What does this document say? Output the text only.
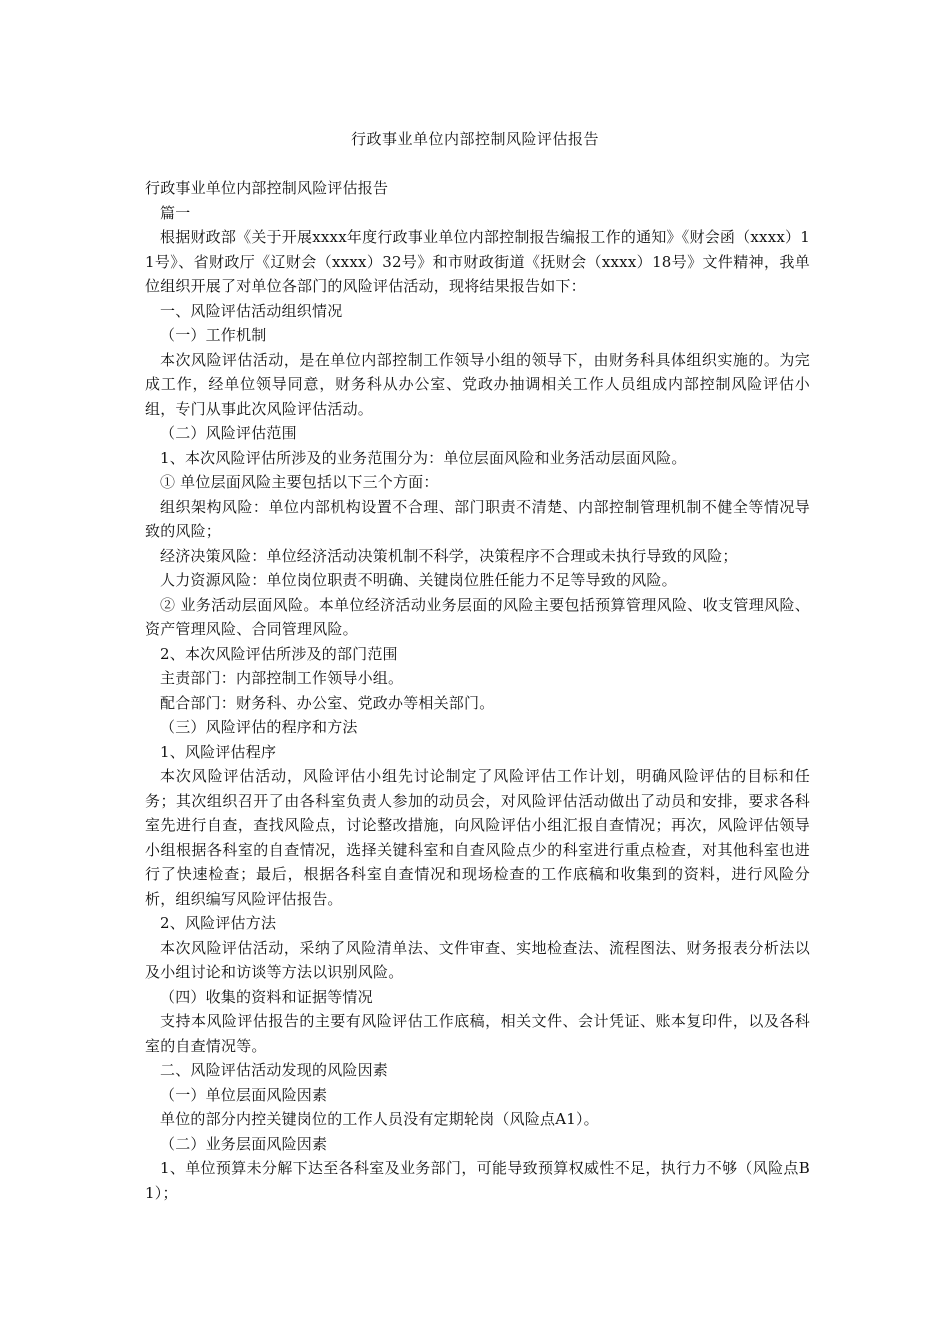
行政事业单位内部控制风险评估报告

行政事业单位内部控制风险评估报告

篇一

根据财政部《关于开展xxxx年度行政事业单位内部控制报告编报工作的通知》《财会函（xxxx）11号》、省财政厅《辽财会（xxxx）32号》和市财政街道《抚财会（xxxx）18号》文件精神，我单位组织开展了对单位各部门的风险评估活动，现将结果报告如下：

一、风险评估活动组织情况

（一）工作机制

本次风险评估活动，是在单位内部控制工作领导小组的领导下，由财务科具体组织实施的。为完成工作，经单位领导同意，财务科从办公室、党政办抽调相关工作人员组成内部控制风险评估小组，专门从事此次风险评估活动。

（二）风险评估范围

1、本次风险评估所涉及的业务范围分为：单位层面风险和业务活动层面风险。

① 单位层面风险主要包括以下三个方面：

组织架构风险：单位内部机构设置不合理、部门职责不清楚、内部控制管理机制不健全等情况导致的风险；

经济决策风险：单位经济活动决策机制不科学，决策程序不合理或未执行导致的风险；

人力资源风险：单位岗位职责不明确、关键岗位胜任能力不足等导致的风险。

② 业务活动层面风险。本单位经济活动业务层面的风险主要包括预算管理风险、收支管理风险、资产管理风险、合同管理风险。

2、本次风险评估所涉及的部门范围

主责部门：内部控制工作领导小组。

配合部门：财务科、办公室、党政办等相关部门。

（三）风险评估的程序和方法

1、风险评估程序

本次风险评估活动，风险评估小组先讨论制定了风险评估工作计划，明确风险评估的目标和任务；其次组织召开了由各科室负责人参加的动员会，对风险评估活动做出了动员和安排，要求各科室先进行自查，查找风险点，讨论整改措施，向风险评估小组汇报自查情况；再次，风险评估领导小组根据各科室的自查情况，选择关键科室和自查风险点少的科室进行重点检查，对其他科室也进行了快速检查；最后，根据各科室自查情况和现场检查的工作底稿和收集到的资料，进行风险分析，组织编写风险评估报告。

2、风险评估方法

本次风险评估活动，采纳了风险清单法、文件审查、实地检查法、流程图法、财务报表分析法以及小组讨论和访谈等方法以识别风险。

（四）收集的资料和证据等情况

支持本风险评估报告的主要有风险评估工作底稿，相关文件、会计凭证、账本复印件，以及各科室的自查情况等。

二、风险评估活动发现的风险因素

（一）单位层面风险因素

单位的部分内控关键岗位的工作人员没有定期轮岗（风险点A1）。

（二）业务层面风险因素

1、单位预算未分解下达至各科室及业务部门，可能导致预算权威性不足，执行力不够（风险点B1）；
